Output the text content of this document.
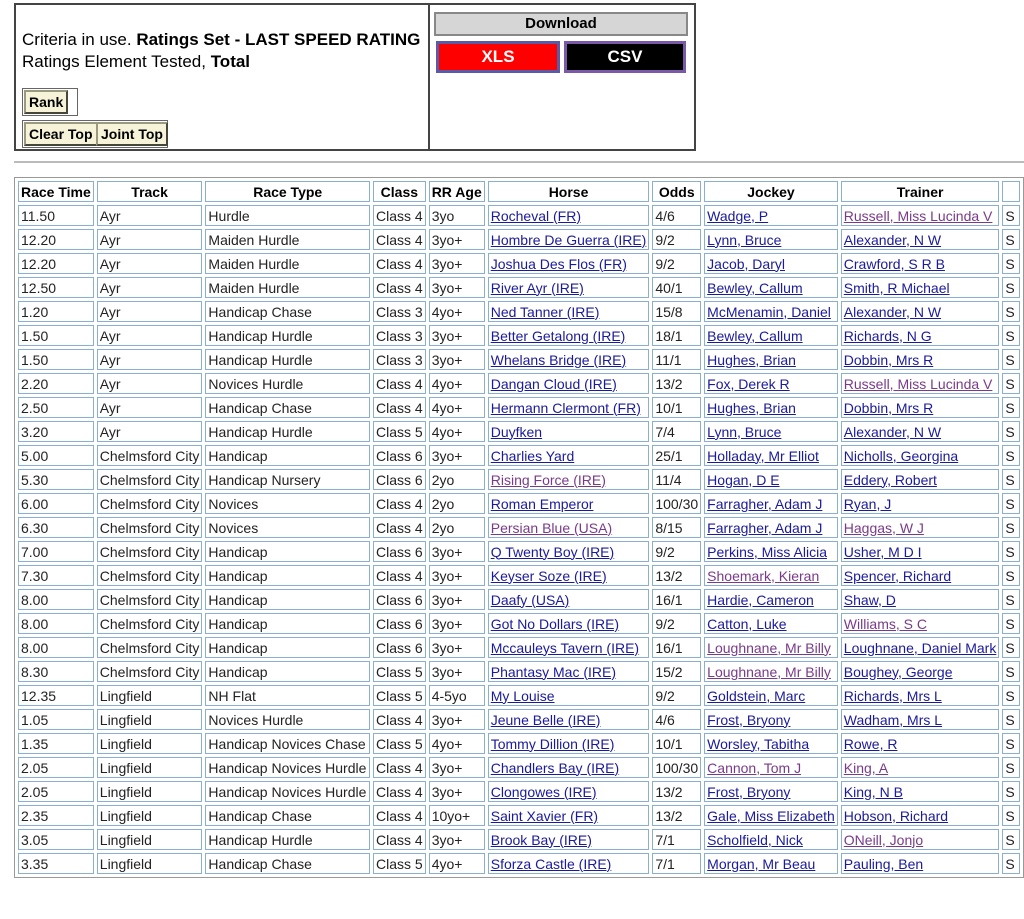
Criteria in use. Ratings Set - LAST SPEED RATING
Ratings Element Tested, Total
Rank
Clear Top Joint Top
Download
XLS	CSV
Race Time	Track	Race Type	Class	RR Age	Horse	Odds	Jockey	Trainer	
11.50	Ayr	Hurdle	Class 4	3yo	Rocheval (FR)	4/6	Wadge, P	Russell, Miss Lucinda V	S
12.20	Ayr	Maiden Hurdle	Class 4	3yo+	Hombre De Guerra (IRE)	9/2	Lynn, Bruce	Alexander, N W	S
12.20	Ayr	Maiden Hurdle	Class 4	3yo+	Joshua Des Flos (FR)	9/2	Jacob, Daryl	Crawford, S R B	S
12.50	Ayr	Maiden Hurdle	Class 4	3yo+	River Ayr (IRE)	40/1	Bewley, Callum	Smith, R Michael	S
1.20	Ayr	Handicap Chase	Class 3	4yo+	Ned Tanner (IRE)	15/8	McMenamin, Daniel	Alexander, N W	S
1.50	Ayr	Handicap Hurdle	Class 3	3yo+	Better Getalong (IRE)	18/1	Bewley, Callum	Richards, N G	S
1.50	Ayr	Handicap Hurdle	Class 3	3yo+	Whelans Bridge (IRE)	11/1	Hughes, Brian	Dobbin, Mrs R	S
2.20	Ayr	Novices Hurdle	Class 4	4yo+	Dangan Cloud (IRE)	13/2	Fox, Derek R	Russell, Miss Lucinda V	S
2.50	Ayr	Handicap Chase	Class 4	4yo+	Hermann Clermont (FR)	10/1	Hughes, Brian	Dobbin, Mrs R	S
3.20	Ayr	Handicap Hurdle	Class 5	4yo+	Duyfken	7/4	Lynn, Bruce	Alexander, N W	S
5.00	Chelmsford City	Handicap	Class 6	3yo+	Charlies Yard	25/1	Holladay, Mr Elliot	Nicholls, Georgina	S
5.30	Chelmsford City	Handicap Nursery	Class 6	2yo	Rising Force (IRE)	11/4	Hogan, D E	Eddery, Robert	S
6.00	Chelmsford City	Novices	Class 4	2yo	Roman Emperor	100/30	Farragher, Adam J	Ryan, J	S
6.30	Chelmsford City	Novices	Class 4	2yo	Persian Blue (USA)	8/15	Farragher, Adam J	Haggas, W J	S
7.00	Chelmsford City	Handicap	Class 6	3yo+	Q Twenty Boy (IRE)	9/2	Perkins, Miss Alicia	Usher, M D I	S
7.30	Chelmsford City	Handicap	Class 4	3yo+	Keyser Soze (IRE)	13/2	Shoemark, Kieran	Spencer, Richard	S
8.00	Chelmsford City	Handicap	Class 6	3yo+	Daafy (USA)	16/1	Hardie, Cameron	Shaw, D	S
8.00	Chelmsford City	Handicap	Class 6	3yo+	Got No Dollars (IRE)	9/2	Catton, Luke	Williams, S C	S
8.00	Chelmsford City	Handicap	Class 6	3yo+	Mccauleys Tavern (IRE)	16/1	Loughnane, Mr Billy	Loughnane, Daniel Mark	S
8.30	Chelmsford City	Handicap	Class 5	3yo+	Phantasy Mac (IRE)	15/2	Loughnane, Mr Billy	Boughey, George	S
12.35	Lingfield	NH Flat	Class 5	4-5yo	My Louise	9/2	Goldstein, Marc	Richards, Mrs L	S
1.05	Lingfield	Novices Hurdle	Class 4	3yo+	Jeune Belle (IRE)	4/6	Frost, Bryony	Wadham, Mrs L	S
1.35	Lingfield	Handicap Novices Chase	Class 5	4yo+	Tommy Dillion (IRE)	10/1	Worsley, Tabitha	Rowe, R	S
2.05	Lingfield	Handicap Novices Hurdle	Class 4	3yo+	Chandlers Bay (IRE)	100/30	Cannon, Tom J	King, A	S
2.05	Lingfield	Handicap Novices Hurdle	Class 4	3yo+	Clongowes (IRE)	13/2	Frost, Bryony	King, N B	S
2.35	Lingfield	Handicap Chase	Class 4	10yo+	Saint Xavier (FR)	13/2	Gale, Miss Elizabeth	Hobson, Richard	S
3.05	Lingfield	Handicap Hurdle	Class 4	3yo+	Brook Bay (IRE)	7/1	Scholfield, Nick	ONeill, Jonjo	S
3.35	Lingfield	Handicap Chase	Class 5	4yo+	Sforza Castle (IRE)	7/1	Morgan, Mr Beau	Pauling, Ben	S
